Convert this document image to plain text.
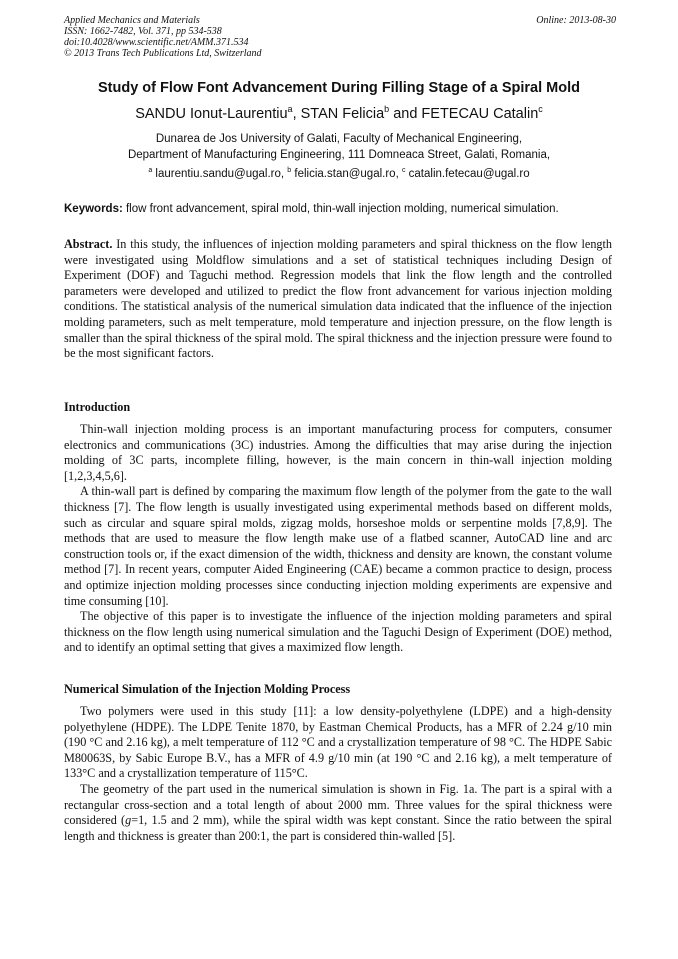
Applied Mechanics and Materials
ISSN: 1662-7482, Vol. 371, pp 534-538
doi:10.4028/www.scientific.net/AMM.371.534
© 2013 Trans Tech Publications Ltd, Switzerland
Online: 2013-08-30
Study of Flow Font Advancement During Filling Stage of a Spiral Mold
SANDU Ionut-Laurentiu$^a$, STAN Felicia$^b$ and FETECAU Catalin$^c$
Dunarea de Jos University of Galati, Faculty of Mechanical Engineering,
Department of Manufacturing Engineering, 111 Domneaca Street, Galati, Romania,
$^a$ laurentiu.sandu@ugal.ro, $^b$ felicia.stan@ugal.ro, $^c$ catalin.fetecau@ugal.ro
Keywords: flow front advancement, spiral mold, thin-wall injection molding, numerical simulation.

Abstract. In this study, the influences of injection molding parameters and spiral thickness on the flow length were investigated using Moldflow simulations and a set of statistical techniques including Design of Experiment (DOF) and Taguchi method. Regression models that link the flow length and the controlled parameters were developed and utilized to predict the flow front advancement for various injection molding conditions. The statistical analysis of the numerical simulation data indicated that the influence of the injection molding parameters, such as melt temperature, mold temperature and injection pressure, on the flow length is smaller than the spiral thickness of the spiral mold. The spiral thickness and the injection pressure were found to be the most significant factors.

Introduction

Thin-wall injection molding process is an important manufacturing process for computers, consumer electronics and communications (3C) industries. Among the difficulties that may arise during the injection molding of 3C parts, incomplete filling, however, is the main concern in thin-wall injection molding [1,2,3,4,5,6].

A thin-wall part is defined by comparing the maximum flow length of the polymer from the gate to the wall thickness [7]. The flow length is usually investigated using experimental methods based on different molds, such as circular and square spiral molds, zigzag molds, horseshoe molds or serpentine molds [7,8,9]. The methods that are used to measure the flow length make use of a flatbed scanner, AutoCAD line and arc construction tools or, if the exact dimension of the width, thickness and density are known, the constant volume method [7]. In recent years, computer Aided Engineering (CAE) became a common practice to design, process and optimize injection molding processes since conducting injection molding experiments are expensive and time consuming [10].

The objective of this paper is to investigate the influence of the injection molding parameters and spiral thickness on the flow length using numerical simulation and the Taguchi Design of Experiment (DOE) method, and to identify an optimal setting that gives a maximized flow length.

Numerical Simulation of the Injection Molding Process

Two polymers were used in this study [11]: a low density-polyethylene (LDPE) and a high-density polyethylene (HDPE). The LDPE Tenite 1870, by Eastman Chemical Products, has a MFR of 2.24 g/10 min (190 °C and 2.16 kg), a melt temperature of 112 °C and a crystallization temperature of 98 °C. The HDPE Sabic M80063S, by Sabic Europe B.V., has a MFR of 4.9 g/10 min (at 190 °C and 2.16 kg), a melt temperature of 133°C and a crystallization temperature of 115°C.

The geometry of the part used in the numerical simulation is shown in Fig. 1a. The part is a spiral with a rectangular cross-section and a total length of about 2000 mm. Three values for the spiral thickness were considered (g=1, 1.5 and 2 mm), while the spiral width was kept constant. Since the ratio between the spiral length and thickness is greater than 200:1, the part is considered thin-walled [5].
